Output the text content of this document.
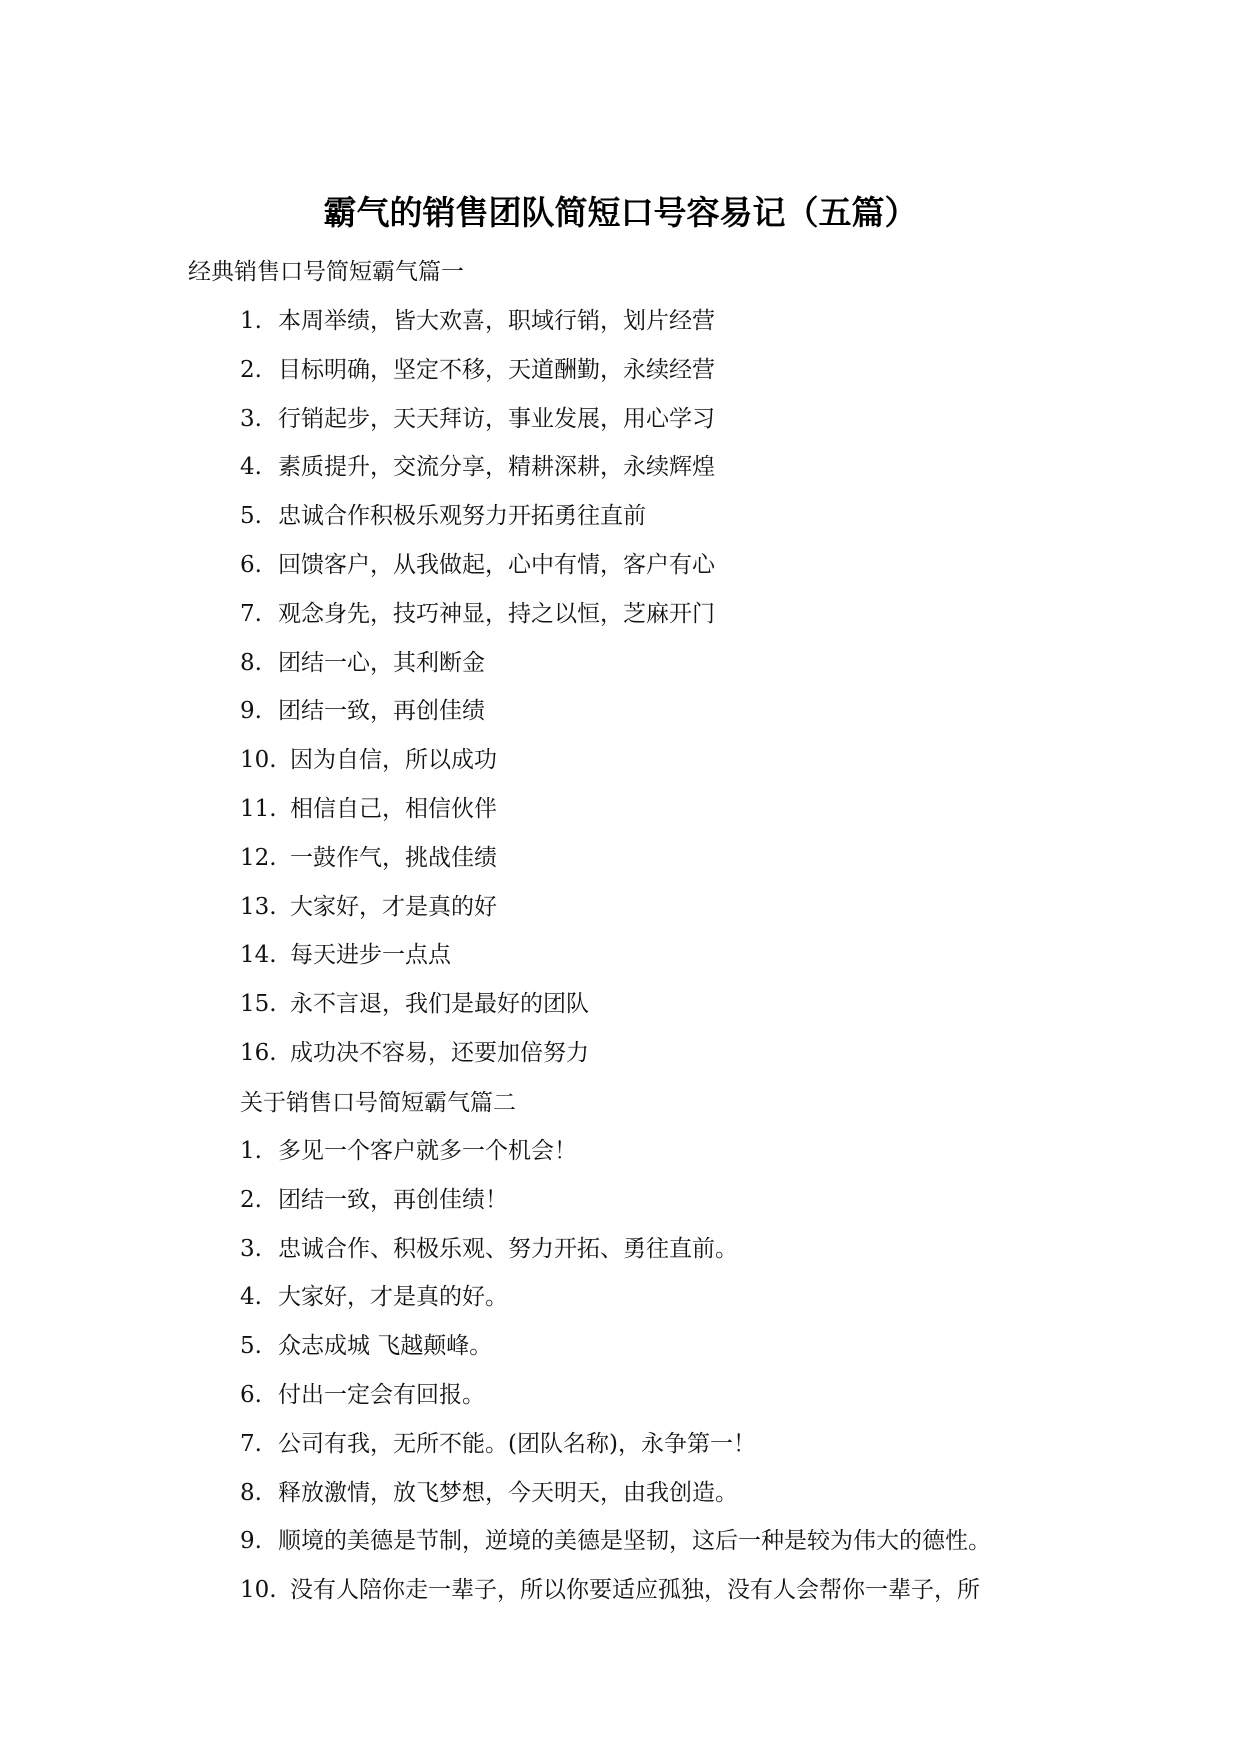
霸气的销售团队简短口号容易记（五篇）
经典销售口号简短霸气篇一
1. 本周举绩，皆大欢喜，职域行销，划片经营
2. 目标明确，坚定不移，天道酬勤，永续经营
3. 行销起步，天天拜访，事业发展，用心学习
4. 素质提升，交流分享，精耕深耕，永续辉煌
5. 忠诚合作积极乐观努力开拓勇往直前
6. 回馈客户，从我做起，心中有情，客户有心
7. 观念身先，技巧神显，持之以恒，芝麻开门
8. 团结一心，其利断金
9. 团结一致，再创佳绩
10. 因为自信，所以成功
11. 相信自己，相信伙伴
12. 一鼓作气，挑战佳绩
13. 大家好，才是真的好
14. 每天进步一点点
15. 永不言退，我们是最好的团队
16. 成功决不容易，还要加倍努力
关于销售口号简短霸气篇二
1. 多见一个客户就多一个机会！
2. 团结一致，再创佳绩！
3. 忠诚合作、积极乐观、努力开拓、勇往直前。
4. 大家好，才是真的好。
5. 众志成城 飞越颠峰。
6. 付出一定会有回报。
7. 公司有我，无所不能。(团队名称)，永争第一！
8. 释放激情，放飞梦想，今天明天，由我创造。
9. 顺境的美德是节制，逆境的美德是坚韧，这后一种是较为伟大的德性。
10. 没有人陪你走一辈子，所以你要适应孤独，没有人会帮你一辈子，所
